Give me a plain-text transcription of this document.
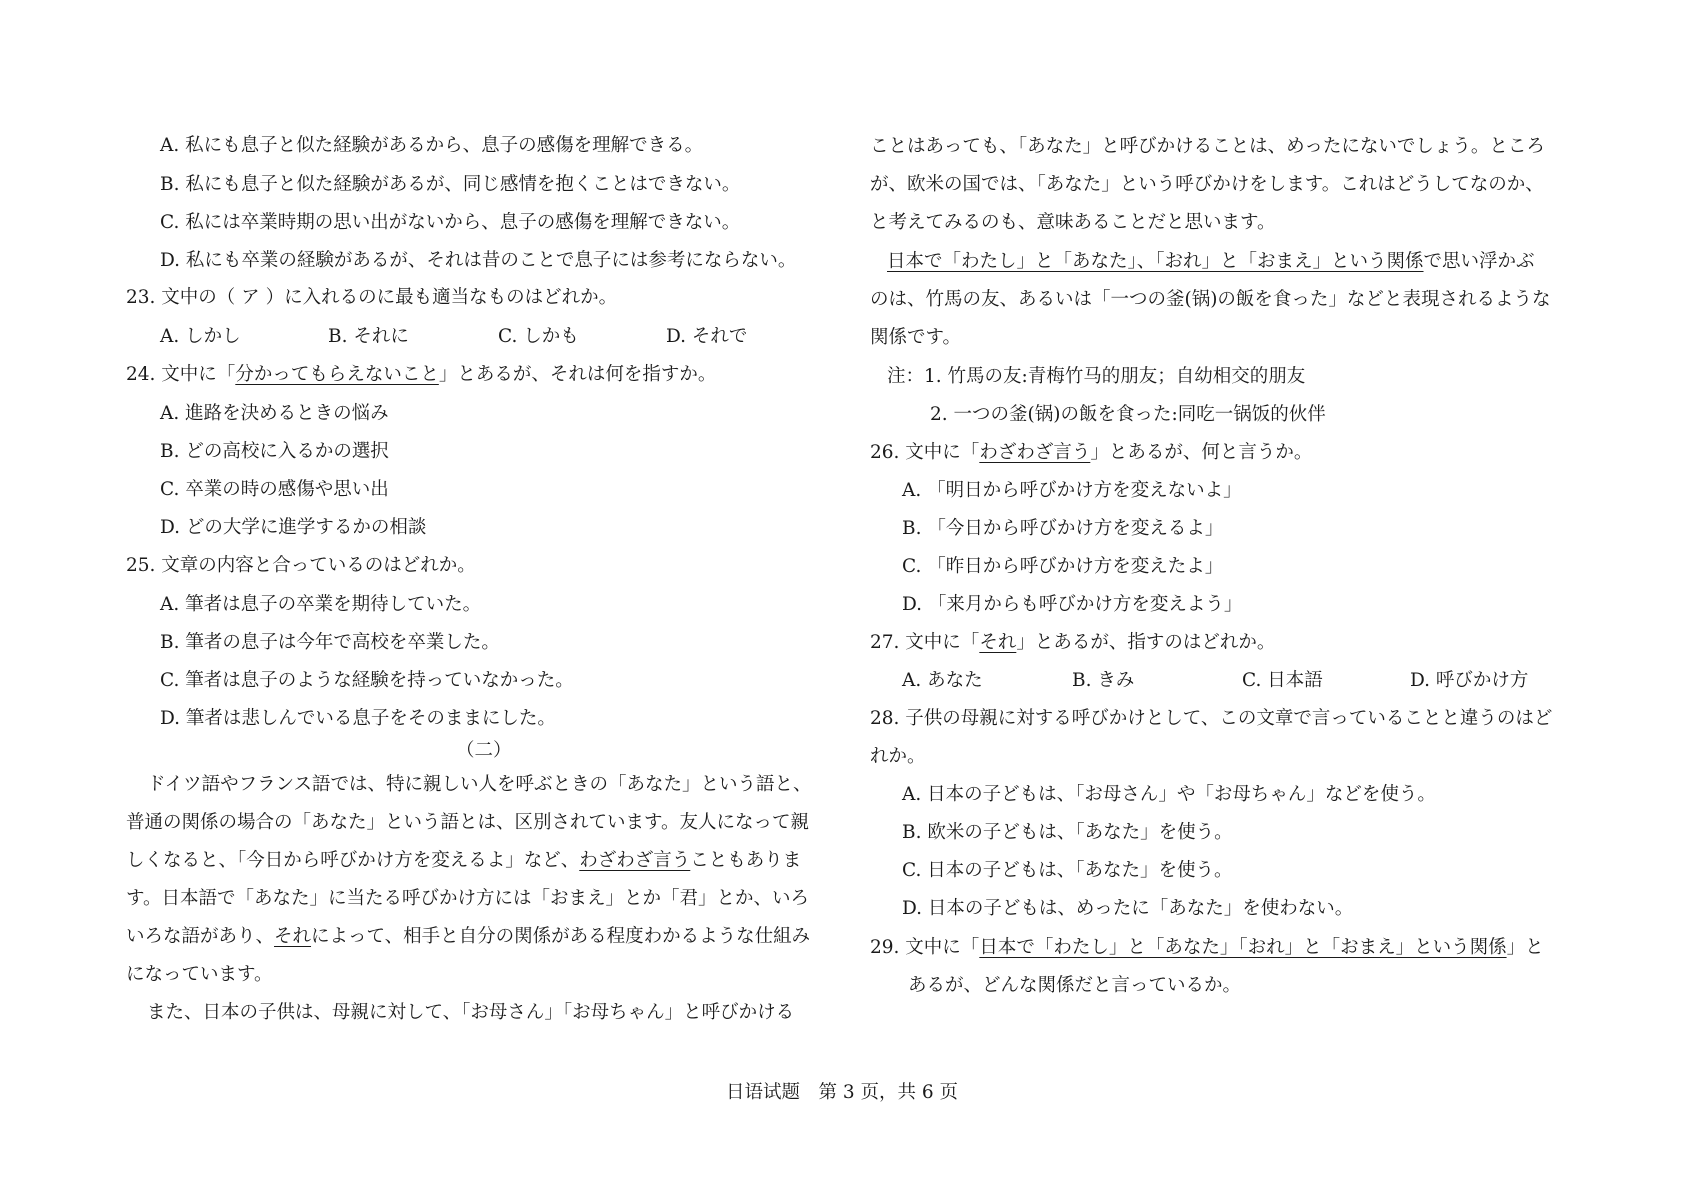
A. 私にも息子と似た経験があるから、息子の感傷を理解できる。
B. 私にも息子と似た経験があるが、同じ感情を抱くことはできない。
C. 私には卒業時期の思い出がないから、息子の感傷を理解できない。
D. 私にも卒業の経験があるが、それは昔のことで息子には参考にならない。
23. 文中の（ ア ）に入れるのに最も適当なものはどれか。
A. しかし	B. それに	C. しかも	D. それで
24. 文中に「分かってもらえないこと」とあるが、それは何を指すか。
A. 進路を決めるときの悩み
B. どの高校に入るかの選択
C. 卒業の時の感傷や思い出
D. どの大学に進学するかの相談
25. 文章の内容と合っているのはどれか。
A. 筆者は息子の卒業を期待していた。
B. 筆者の息子は今年で高校を卒業した。
C. 筆者は息子のような経験を持っていなかった。
D. 筆者は悲しんでいる息子をそのままにした。
（二）
ドイツ語やフランス語では、特に親しい人を呼ぶときの「あなた」という語と、
普通の関係の場合の「あなた」という語とは、区別されています。友人になって親
しくなると、「今日から呼びかけ方を変えるよ」など、わざわざ言うこともありま
す。日本語で「あなた」に当たる呼びかけ方には「おまえ」とか「君」とか、いろ
いろな語があり、それによって、相手と自分の関係がある程度わかるような仕組み
になっています。
また、日本の子供は、母親に対して、「お母さん」「お母ちゃん」と呼びかける
ことはあっても、「あなた」と呼びかけることは、めったにないでしょう。ところ
が、欧米の国では、「あなた」という呼びかけをします。これはどうしてなのか、
と考えてみるのも、意味あることだと思います。
日本で「わたし」と「あなた」、「おれ」と「おまえ」という関係で思い浮かぶ
のは、竹馬の友、あるいは「一つの釜(锅)の飯を食った」などと表現されるような
関係です。
注：1. 竹馬の友:青梅竹马的朋友；自幼相交的朋友
2. 一つの釜(锅)の飯を食った:同吃一锅饭的伙伴
26. 文中に「わざわざ言う」とあるが、何と言うか。
A. 「明日から呼びかけ方を変えないよ」
B. 「今日から呼びかけ方を変えるよ」
C. 「昨日から呼びかけ方を変えたよ」
D. 「来月からも呼びかけ方を変えよう」
27. 文中に「それ」とあるが、指すのはどれか。
A. あなた	B. きみ	C. 日本語	D. 呼びかけ方
28. 子供の母親に対する呼びかけとして、この文章で言っていることと違うのはど
れか。
A. 日本の子どもは、「お母さん」や「お母ちゃん」などを使う。
B. 欧米の子どもは、「あなた」を使う。
C. 日本の子どもは、「あなた」を使う。
D. 日本の子どもは、めったに「あなた」を使わない。
29. 文中に「日本で「わたし」と「あなた」「おれ」と「おまえ」という関係」と
あるが、どんな関係だと言っているか。
日语试题　第 3 页，共 6 页
